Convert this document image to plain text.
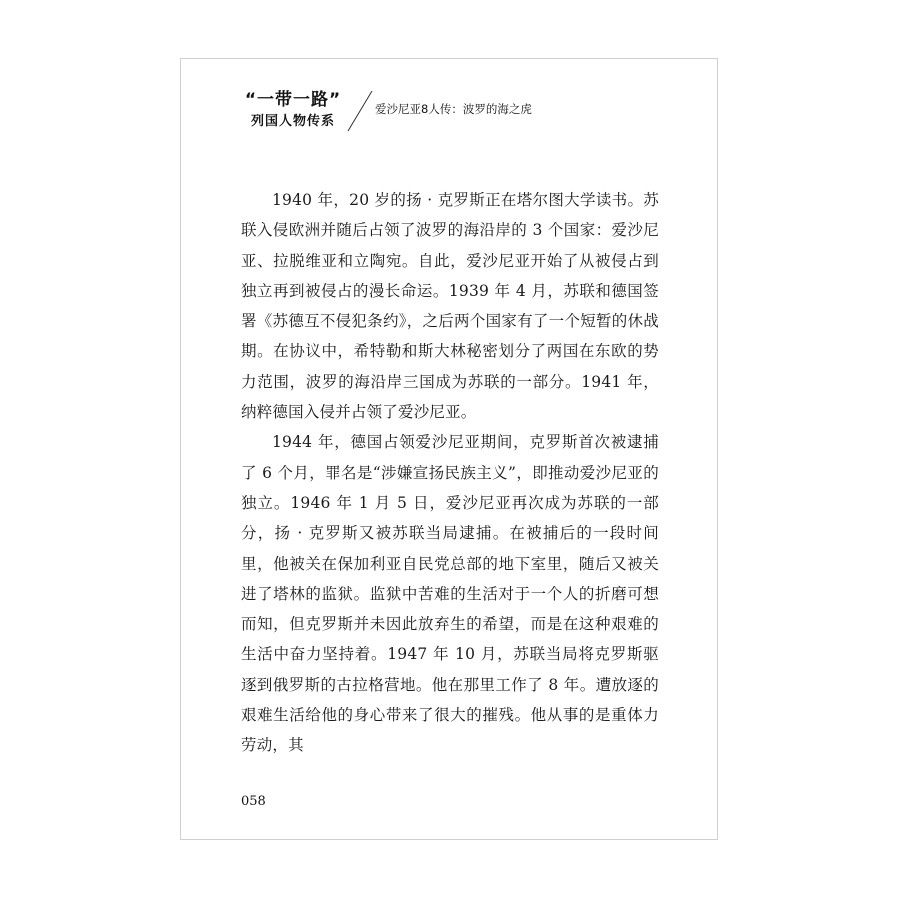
“一带一路”
列国人物传系
爱沙尼亚8人传：波罗的海之虎

1940 年，20 岁的扬 · 克罗斯正在塔尔图大学读书。苏联入侵欧洲并随后占领了波罗的海沿岸的 3 个国家：爱沙尼亚、拉脱维亚和立陶宛。自此，爱沙尼亚开始了从被侵占到独立再到被侵占的漫长命运。1939 年 4 月，苏联和德国签署《苏德互不侵犯条约》，之后两个国家有了一个短暂的休战期。在协议中，希特勒和斯大林秘密划分了两国在东欧的势力范围，波罗的海沿岸三国成为苏联的一部分。1941 年，纳粹德国入侵并占领了爱沙尼亚。

1944 年，德国占领爱沙尼亚期间，克罗斯首次被逮捕了 6 个月，罪名是“涉嫌宣扬民族主义”，即推动爱沙尼亚的独立。1946 年 1 月 5 日，爱沙尼亚再次成为苏联的一部分，扬 · 克罗斯又被苏联当局逮捕。在被捕后的一段时间里，他被关在保加利亚自民党总部的地下室里，随后又被关进了塔林的监狱。监狱中苦难的生活对于一个人的折磨可想而知，但克罗斯并未因此放弃生的希望，而是在这种艰难的生活中奋力坚持着。1947 年 10 月，苏联当局将克罗斯驱逐到俄罗斯的古拉格营地。他在那里工作了 8 年。遭放逐的艰难生活给他的身心带来了很大的摧残。他从事的是重体力劳动，其

058
